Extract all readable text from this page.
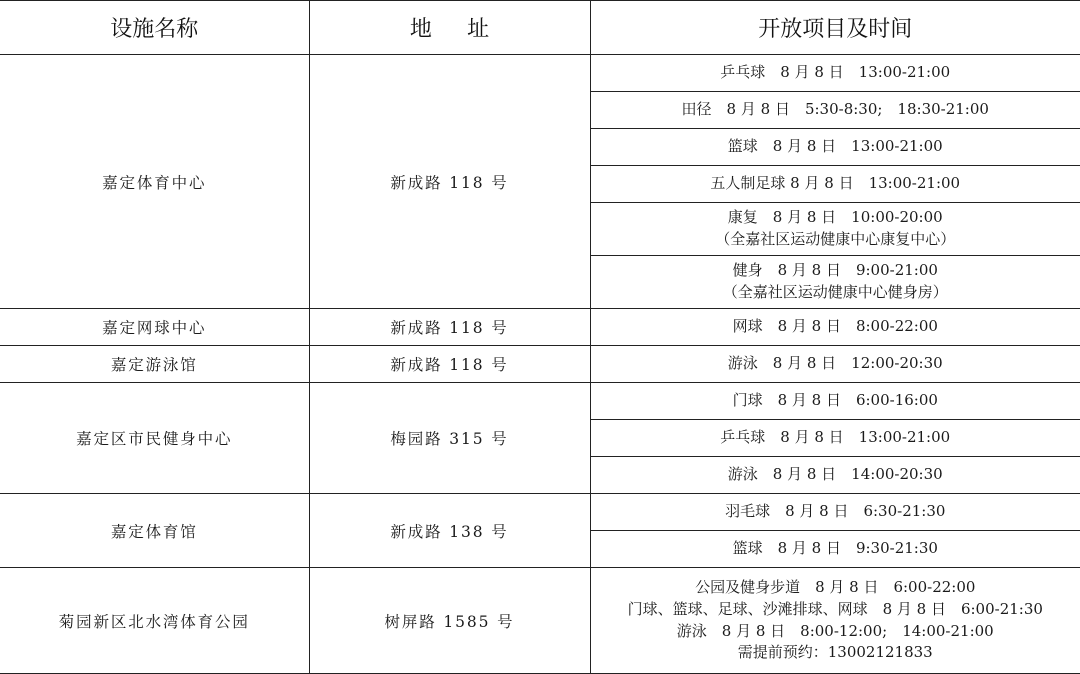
设施名称	地址	开放项目及时间
嘉定体育中心	新成路 118 号	乒乓球　8 月 8 日　13:00-21:00

		田径　8 月 8 日　5:30-8:30;　18:30-21:00

		篮球　8 月 8 日　13:00-21:00

		五人制足球 8 月 8 日　13:00-21:00

		康复　8 月 8 日　10:00-20:00
（全嘉社区运动健康中心康复中心）

		健身　8 月 8 日　9:00-21:00
（全嘉社区运动健康中心健身房）

嘉定网球中心	新成路 118 号	网球　8 月 8 日　8:00-22:00

嘉定游泳馆	新成路 118 号	游泳　8 月 8 日　12:00-20:30

嘉定区市民健身中心	梅园路 315 号	门球　8 月 8 日　6:00-16:00

		乒乓球　8 月 8 日　13:00-21:00

		游泳　8 月 8 日　14:00-20:30

嘉定体育馆	新成路 138 号	羽毛球　8 月 8 日　6:30-21:30

		篮球　8 月 8 日　9:30-21:30

菊园新区北水湾体育公园	树屏路 1585 号	公园及健身步道　8 月 8 日　6:00-22:00
门球、篮球、足球、沙滩排球、网球　8 月 8 日　6:00-21:30
游泳　8 月 8 日　8:00-12:00;　14:00-21:00
需提前预约：13002121833
